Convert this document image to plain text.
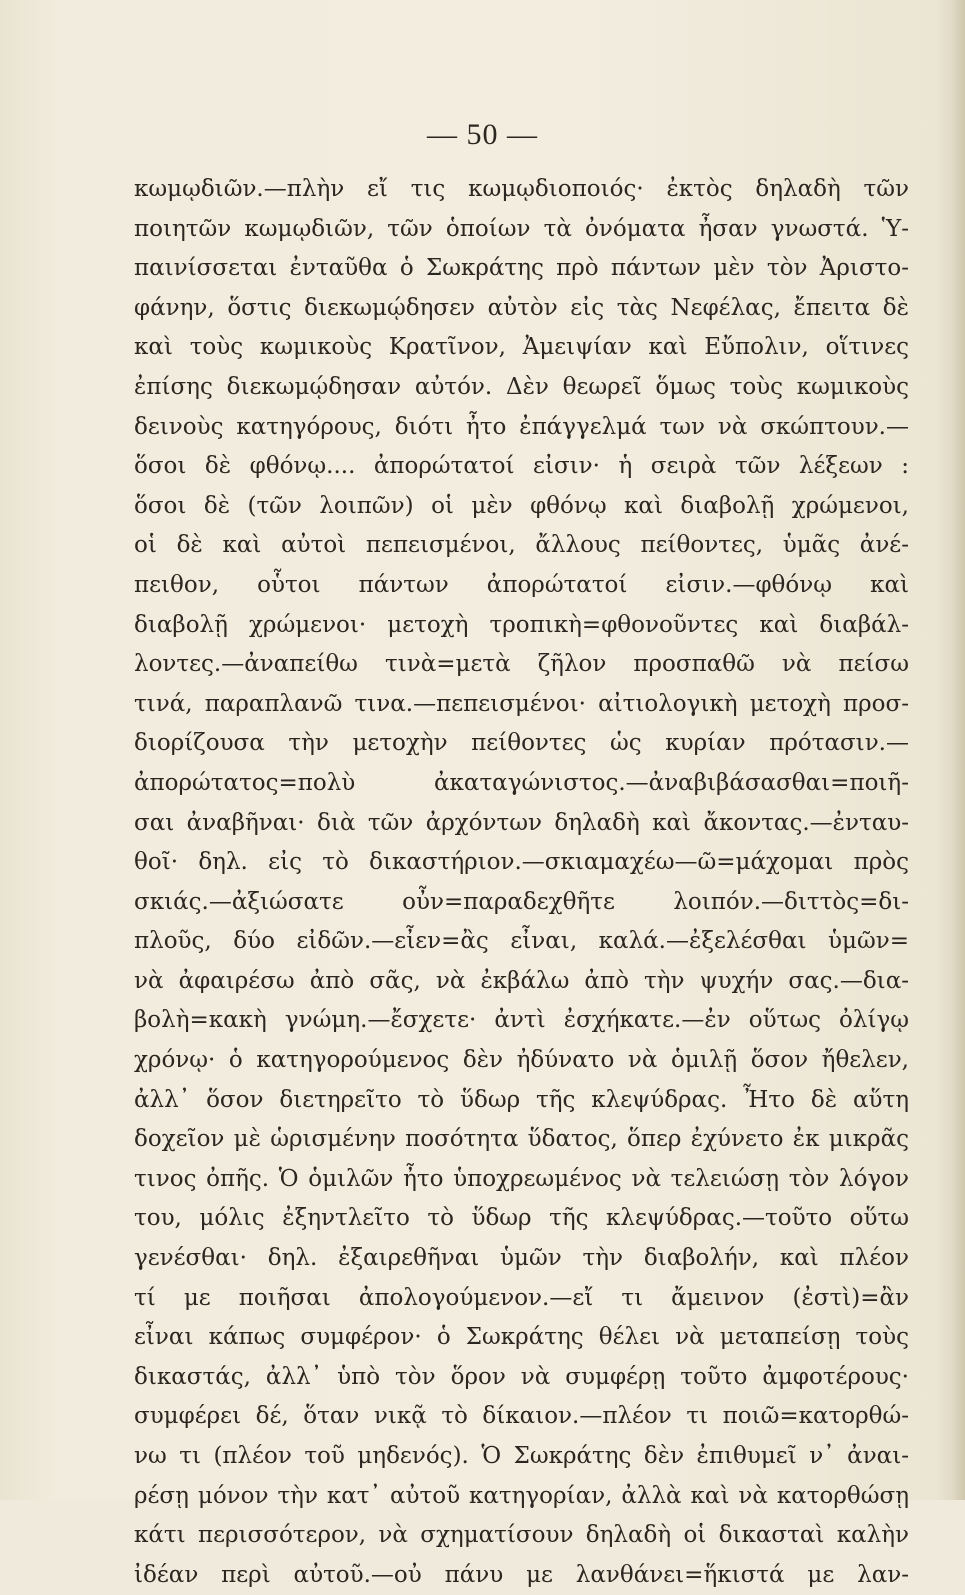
— 50 —
κωμῳδιῶν.—πλὴν εἴ τις κωμῳδιοποιός· ἐκτὸς δηλαδὴ τῶν
ποιητῶν κωμῳδιῶν, τῶν ὁποίων τὰ ὀνόματα ἦσαν γνωστά. Ὑ-
παινίσσεται ἐνταῦθα ὁ Σωκράτης πρὸ πάντων μὲν τὸν Ἀριστο-
φάνην, ὅστις διεκωμῴδησεν αὐτὸν εἰς τὰς Νεφέλας, ἔπειτα δὲ
καὶ τοὺς κωμικοὺς Κρατῖνον, Ἀμειψίαν καὶ Εὔπολιν, οἵτινες
ἐπίσης διεκωμῴδησαν αὐτόν. Δὲν θεωρεῖ ὅμως τοὺς κωμικοὺς
δεινοὺς κατηγόρους, διότι ἦτο ἐπάγγελμά των νὰ σκώπτουν.—
ὅσοι δὲ φθόνῳ.... ἀπορώτατοί εἰσιν· ἡ σειρὰ τῶν λέξεων :
ὅσοι δὲ (τῶν λοιπῶν) οἱ μὲν φθόνῳ καὶ διαβολῇ χρώμενοι,
οἱ δὲ καὶ αὐτοὶ πεπεισμένοι, ἄλλους πείθοντες, ὑμᾶς ἀνέ-
πειθον, οὗτοι πάντων ἀπορώτατοί εἰσιν.—φθόνῳ καὶ
διαβολῇ χρώμενοι· μετοχὴ τροπικὴ=φθονοῦντες καὶ διαβάλ-
λοντες.—ἀναπείθω τινὰ=μετὰ ζῆλον προσπαθῶ νὰ πείσω
τινά, παραπλανῶ τινα.—πεπεισμένοι· αἰτιολογικὴ μετοχὴ προσ-
διορίζουσα τὴν μετοχὴν πείθοντες ὡς κυρίαν πρότασιν.—
ἀπορώτατος=πολὺ ἀκαταγώνιστος.—ἀναβιβάσασθαι=ποιῆ-
σαι ἀναβῆναι· διὰ τῶν ἀρχόντων δηλαδὴ καὶ ἄκοντας.—ἐνταυ-
θοῖ· δηλ. εἰς τὸ δικαστήριον.—σκιαμαχέω—ῶ=μάχομαι πρὸς
σκιάς.—ἀξιώσατε οὖν=παραδεχθῆτε λοιπόν.—διττὸς=δι-
πλοῦς, δύο εἰδῶν.—εἶεν=ἂς εἶναι, καλά.—ἐξελέσθαι ὑμῶν=
νὰ ἀφαιρέσω ἀπὸ σᾶς, νὰ ἐκβάλω ἀπὸ τὴν ψυχήν σας.—δια-
βολὴ=κακὴ γνώμη.—ἔσχετε· ἀντὶ ἐσχήκατε.—ἐν οὕτως ὀλίγῳ
χρόνῳ· ὁ κατηγορούμενος δὲν ἠδύνατο νὰ ὁμιλῇ ὅσον ἤθελεν,
ἀλλ᾽ ὅσον διετηρεῖτο τὸ ὕδωρ τῆς κλεψύδρας. Ἦτο δὲ αὕτη
δοχεῖον μὲ ὡρισμένην ποσότητα ὕδατος, ὅπερ ἐχύνετο ἐκ μικρᾶς
τινος ὀπῆς. Ὁ ὁμιλῶν ἦτο ὑποχρεωμένος νὰ τελειώσῃ τὸν λόγον
του, μόλις ἐξηντλεῖτο τὸ ὕδωρ τῆς κλεψύδρας.—τοῦτο οὕτω
γενέσθαι· δηλ. ἐξαιρεθῆναι ὑμῶν τὴν διαβολήν, καὶ πλέον
τί με ποιῆσαι ἀπολογούμενον.—εἴ τι ἄμεινον (ἐστὶ)=ἂν
εἶναι κάπως συμφέρον· ὁ Σωκράτης θέλει νὰ μεταπείσῃ τοὺς
δικαστάς, ἀλλ᾽ ὑπὸ τὸν ὅρον νὰ συμφέρῃ τοῦτο ἀμφοτέρους·
συμφέρει δέ, ὅταν νικᾷ τὸ δίκαιον.—πλέον τι ποιῶ=κατορθώ-
νω τι (πλέον τοῦ μηδενός). Ὁ Σωκράτης δὲν ἐπιθυμεῖ ν᾽ ἀναι-
ρέσῃ μόνον τὴν κατ᾽ αὐτοῦ κατηγορίαν, ἀλλὰ καὶ νὰ κατορθώσῃ
κάτι περισσότερον, νὰ σχηματίσουν δηλαδὴ οἱ δικασταὶ καλὴν
ἰδέαν περὶ αὐτοῦ.—οὐ πάνυ με λανθάνει=ἥκιστά με λαν-
